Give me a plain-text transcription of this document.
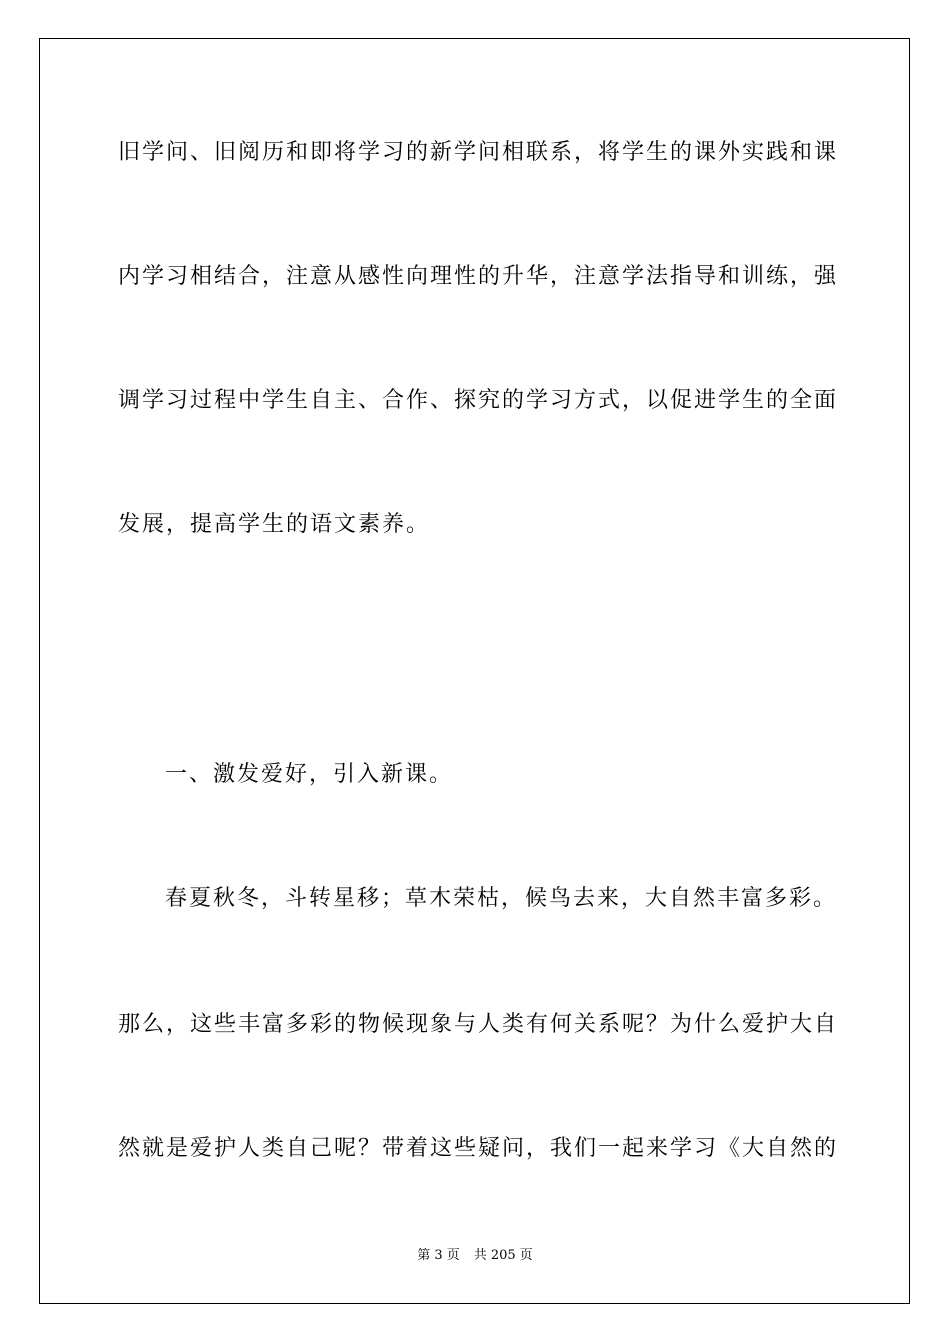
旧学问、旧阅历和即将学习的新学问相联系，将学生的课外实践和课
内学习相结合，注意从感性向理性的升华，注意学法指导和训练，强
调学习过程中学生自主、合作、探究的学习方式，以促进学生的全面
发展，提高学生的语文素养。
一、激发爱好，引入新课。
春夏秋冬，斗转星移；草木荣枯，候鸟去来，大自然丰富多彩。
那么，这些丰富多彩的物候现象与人类有何关系呢？为什么爱护大自
然就是爱护人类自己呢？带着这些疑问，我们一起来学习《大自然的
第 3 页 共 205 页
